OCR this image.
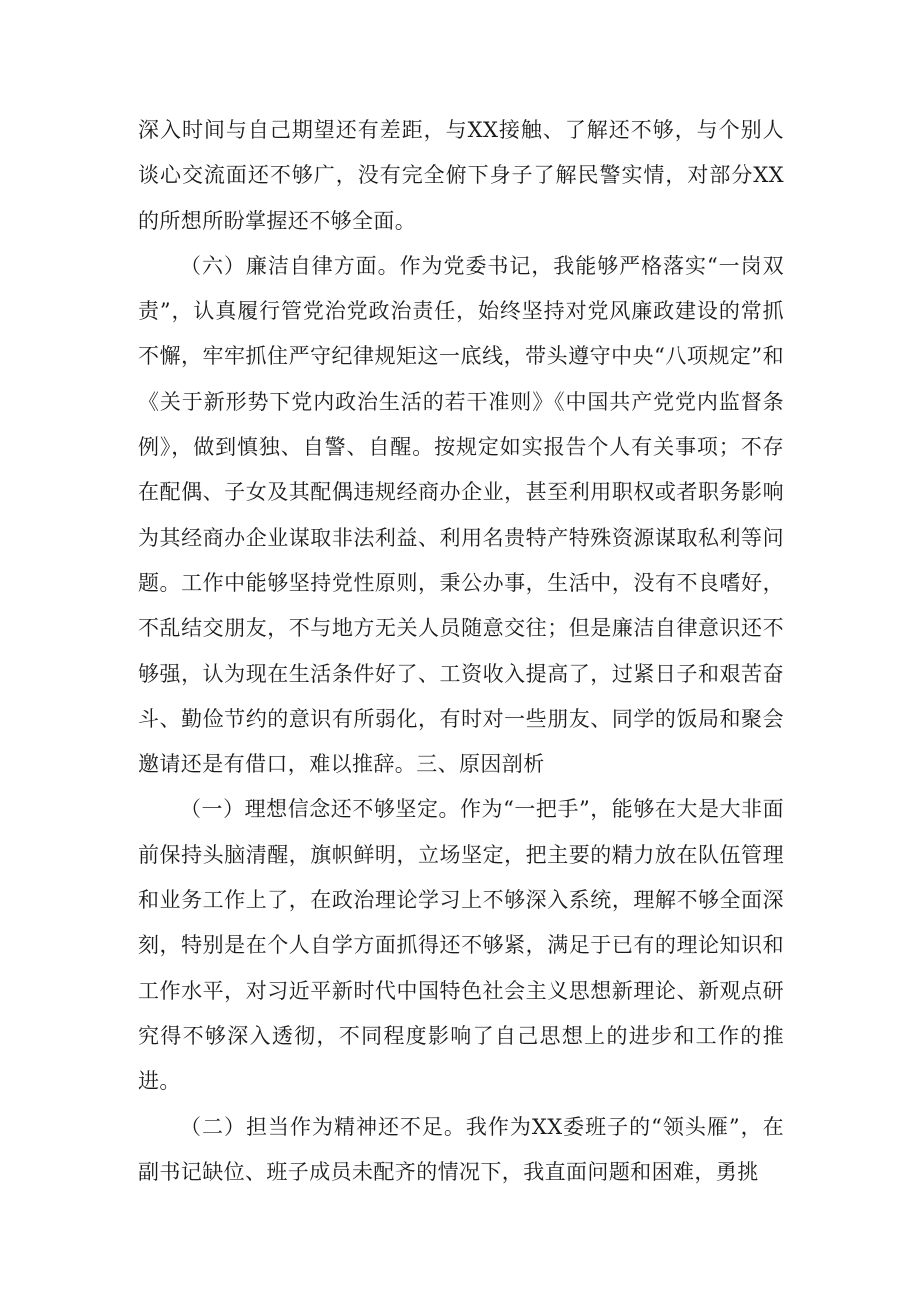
深入时间与自己期望还有差距，与XX接触、了解还不够，与个别人谈心交流面还不够广，没有完全俯下身子了解民警实情，对部分XX的所想所盼掌握还不够全面。

（六）廉洁自律方面。作为党委书记，我能够严格落实“一岗双责”，认真履行管党治党政治责任，始终坚持对党风廉政建设的常抓不懈，牢牢抓住严守纪律规矩这一底线，带头遵守中央“八项规定”和《关于新形势下党内政治生活的若干准则》《中国共产党党内监督条例》，做到慎独、自警、自醒。按规定如实报告个人有关事项；不存在配偶、子女及其配偶违规经商办企业，甚至利用职权或者职务影响为其经商办企业谋取非法利益、利用名贵特产特殊资源谋取私利等问题。工作中能够坚持党性原则，秉公办事，生活中，没有不良嗜好，不乱结交朋友，不与地方无关人员随意交往；但是廉洁自律意识还不够强，认为现在生活条件好了、工资收入提高了，过紧日子和艰苦奋斗、勤俭节约的意识有所弱化，有时对一些朋友、同学的饭局和聚会邀请还是有借口，难以推辞。三、原因剖析

（一）理想信念还不够坚定。作为“一把手”，能够在大是大非面前保持头脑清醒，旗帜鲜明，立场坚定，把主要的精力放在队伍管理和业务工作上了，在政治理论学习上不够深入系统，理解不够全面深刻，特别是在个人自学方面抓得还不够紧，满足于已有的理论知识和工作水平，对习近平新时代中国特色社会主义思想新理论、新观点研究得不够深入透彻，不同程度影响了自己思想上的进步和工作的推进。

（二）担当作为精神还不足。我作为XX委班子的“领头雁”，在副书记缺位、班子成员未配齐的情况下，我直面问题和困难，勇挑
